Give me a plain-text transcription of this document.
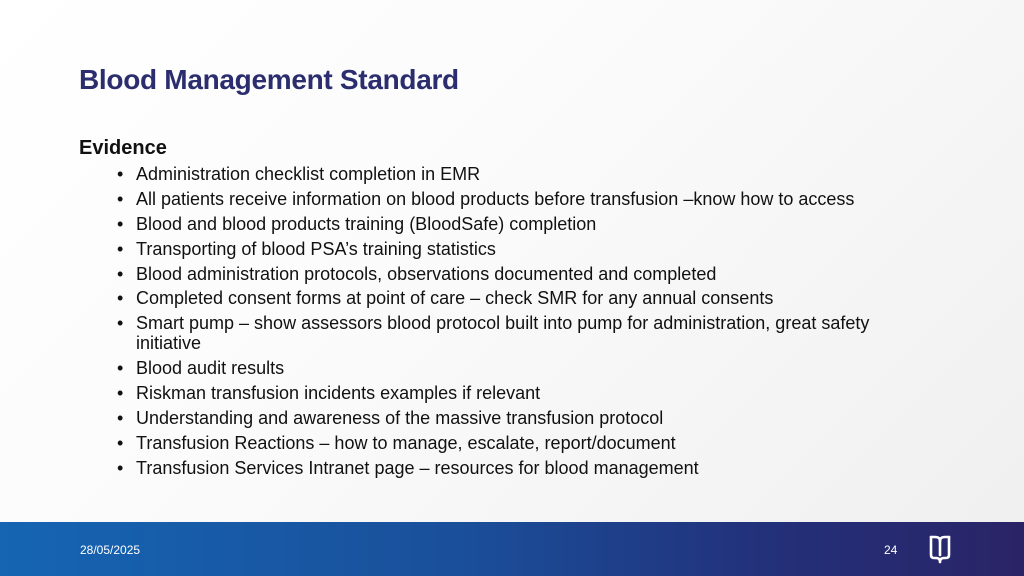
Blood Management Standard
Evidence
• Administration checklist completion in EMR
• All patients receive information on blood products before transfusion –know how to access
• Blood and blood products training (BloodSafe) completion
• Transporting of blood PSA’s training statistics
• Blood administration protocols, observations documented and completed
• Completed consent forms at point of care – check SMR for any annual consents
• Smart pump – show assessors blood protocol built into pump for administration, great safety initiative
• Blood audit results
• Riskman transfusion incidents examples if relevant
• Understanding and awareness of the massive transfusion protocol
• Transfusion Reactions – how to manage, escalate, report/document
• Transfusion Services Intranet page – resources for blood management
28/05/2025	24
